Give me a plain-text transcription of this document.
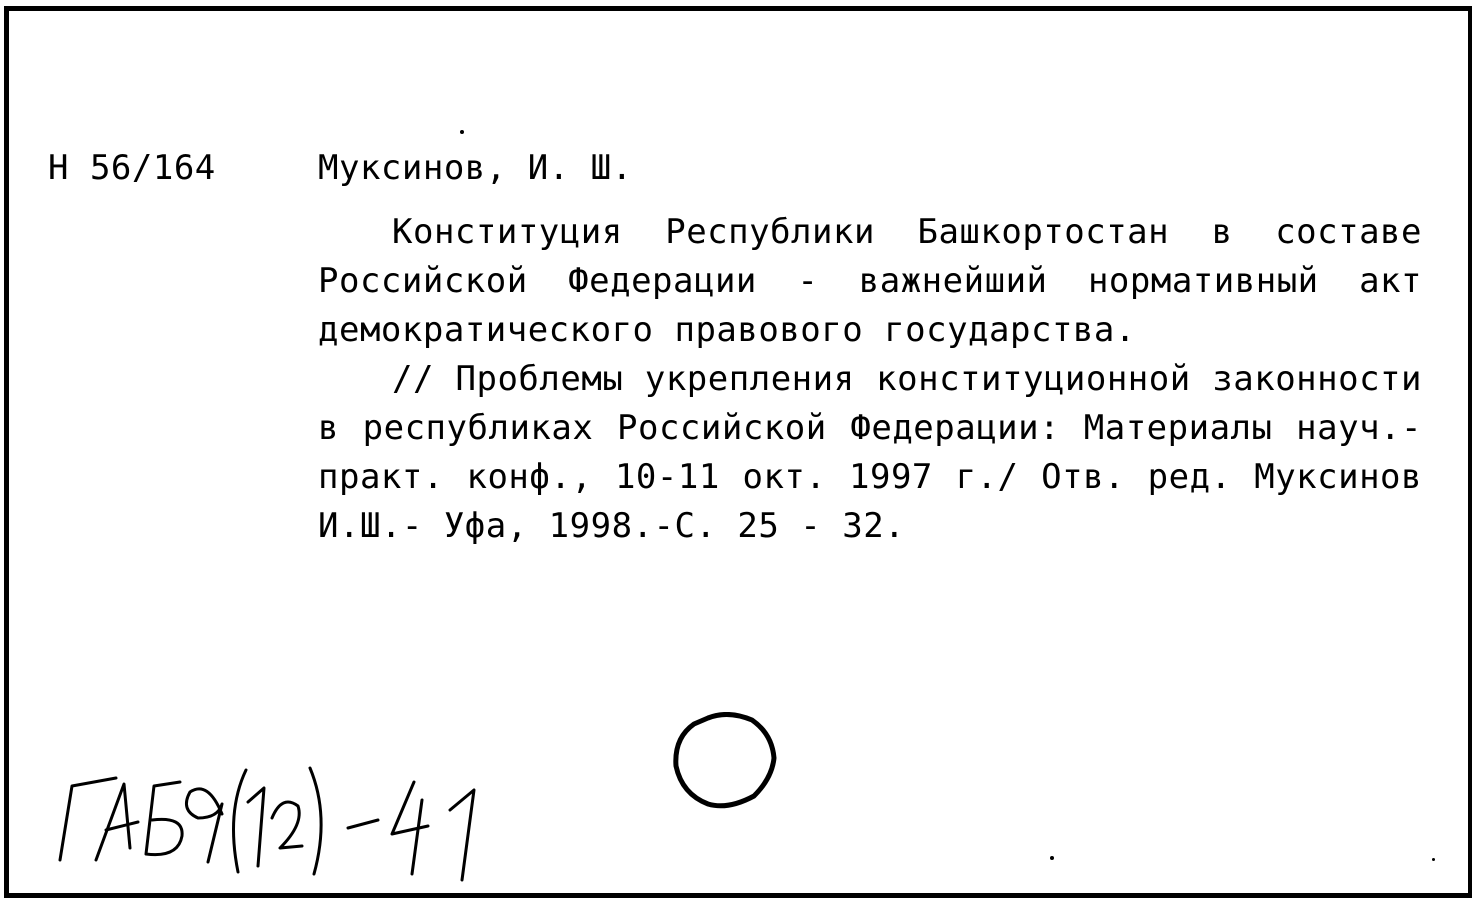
Н 56/164	Муксинов, И. Ш.

Конституция Республики Башкортостан в составе Российской Федерации - важнейший нормативный акт демократического правового государства.

// Проблемы укрепления конституционной законности в республиках Российской Федерации: Материалы науч.- практ. конф., 10-11 окт. 1997 г./ Отв. ред. Муксинов И.Ш.- Уфа, 1998.-С. 25 - 32.
